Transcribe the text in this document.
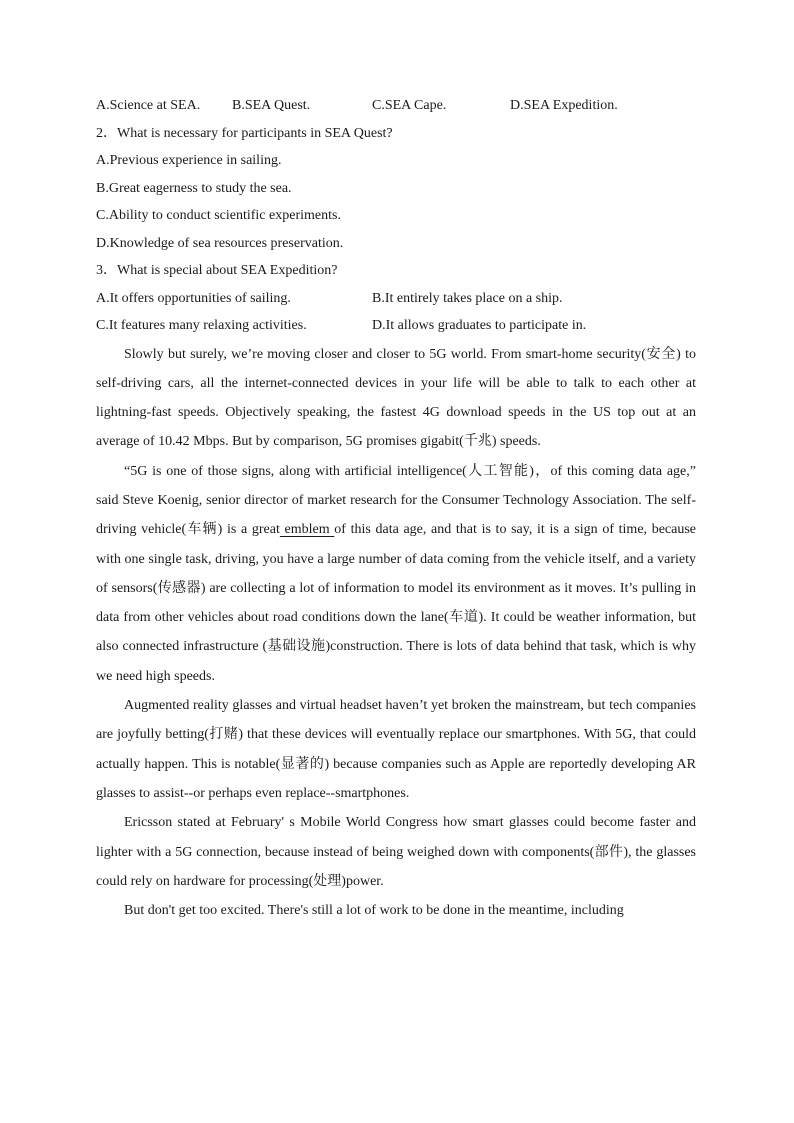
A.Science at SEA.	B.SEA Quest.	C.SEA Cape.	D.SEA Expedition.
2．What is necessary for participants in SEA Quest?
A.Previous experience in sailing.
B.Great eagerness to study the sea.
C.Ability to conduct scientific experiments.
D.Knowledge of sea resources preservation.
3．What is special about SEA Expedition?
A.It offers opportunities of sailing.	B.It entirely takes place on a ship.
C.It features many relaxing activities.	D.It allows graduates to participate in.

Slowly but surely, we’re moving closer and closer to 5G world. From smart-home security(安全) to self-driving cars, all the internet-connected devices in your life will be able to talk to each other at lightning-fast speeds. Objectively speaking, the fastest 4G download speeds in the US top out at an average of 10.42 Mbps. But by comparison, 5G promises gigabit(千兆) speeds.

“5G is one of those signs, along with artificial intelligence(人工智能)，of this coming data age,” said Steve Koenig, senior director of market research for the Consumer Technology Association. The self-driving vehicle(车辆) is a great emblem of this data age, and that is to say, it is a sign of time, because with one single task, driving, you have a large number of data coming from the vehicle itself, and a variety of sensors(传感器) are collecting a lot of information to model its environment as it moves. It’s pulling in data from other vehicles about road conditions down the lane(车道). It could be weather information, but also connected infrastructure (基础设施)construction. There is lots of data behind that task, which is why we need high speeds.

Augmented reality glasses and virtual headset haven’t yet broken the mainstream, but tech companies are joyfully betting(打赌) that these devices will eventually replace our smartphones. With 5G, that could actually happen. This is notable(显著的) because companies such as Apple are reportedly developing AR glasses to assist--or perhaps even replace--smartphones.

Ericsson stated at February' s Mobile World Congress how smart glasses could become faster and lighter with a 5G connection, because instead of being weighed down with components(部件), the glasses could rely on hardware for processing(处理)power.

But don't get too excited. There's still a lot of work to be done in the meantime, including
